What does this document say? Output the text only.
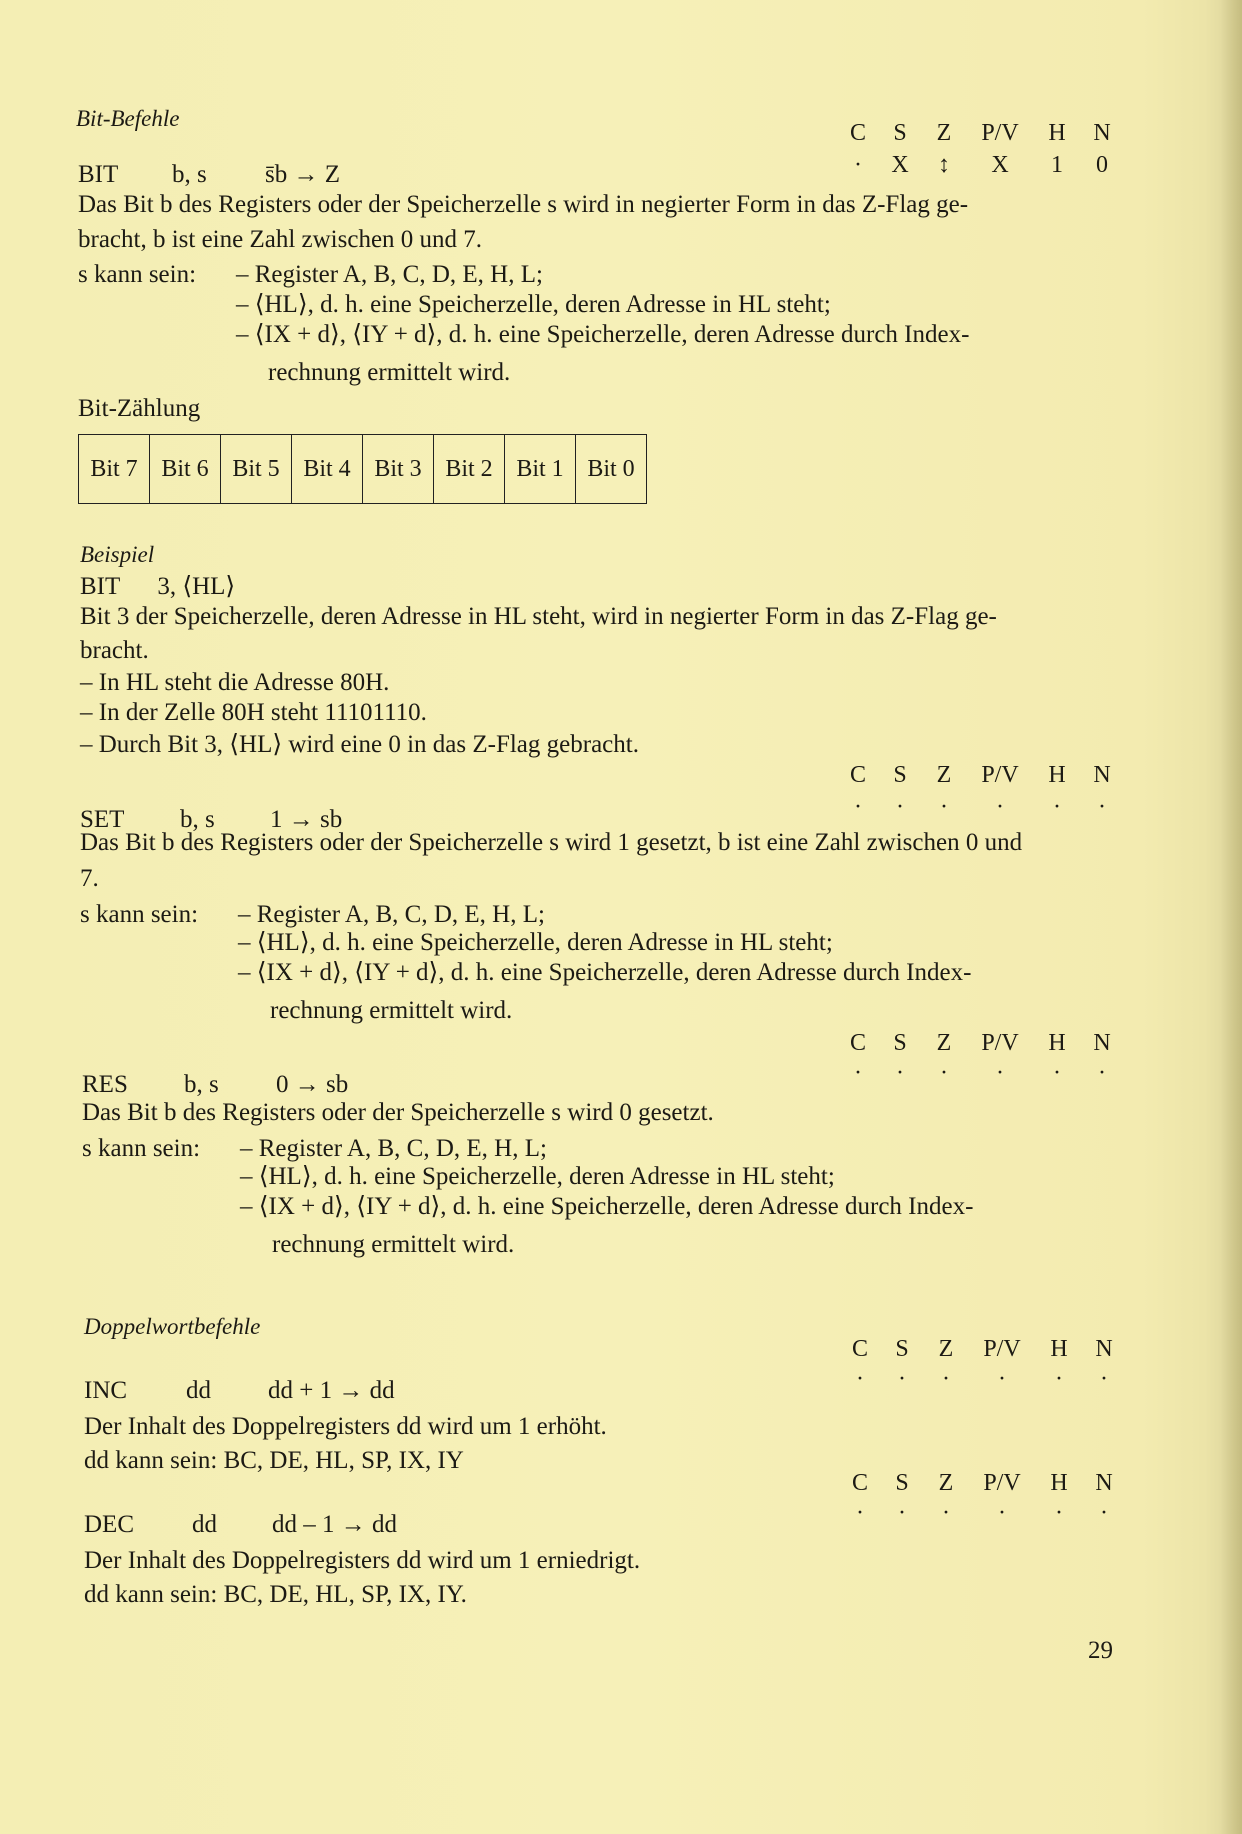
Bit-Befehle
C	S	Z	P/V	H	N
·	X	↕	X	1	0
BIT b, s s̄b → Z
Das Bit b des Registers oder der Speicherzelle s wird in negierter Form in das Z-Flag ge-
bracht, b ist eine Zahl zwischen 0 und 7.
s kann sein: – Register A, B, C, D, E, H, L;
– ⟨HL⟩, d. h. eine Speicherzelle, deren Adresse in HL steht;
– ⟨IX + d⟩, ⟨IY + d⟩, d. h. eine Speicherzelle, deren Adresse durch Index-
rechnung ermittelt wird.
Bit-Zählung
Bit 7	Bit 6	Bit 5	Bit 4	Bit 3	Bit 2	Bit 1	Bit 0
Beispiel
BIT      3, ⟨HL⟩
Bit 3 der Speicherzelle, deren Adresse in HL steht, wird in negierter Form in das Z-Flag ge-
bracht.
– In HL steht die Adresse 80H.
– In der Zelle 80H steht 11101110.
– Durch Bit 3, ⟨HL⟩ wird eine 0 in das Z-Flag gebracht.
C	S	Z	P/V	H	N
·	·	·	·	·	·
SET b, s 1 → sb
Das Bit b des Registers oder der Speicherzelle s wird 1 gesetzt, b ist eine Zahl zwischen 0 und
7.
s kann sein: – Register A, B, C, D, E, H, L;
– ⟨HL⟩, d. h. eine Speicherzelle, deren Adresse in HL steht;
– ⟨IX + d⟩, ⟨IY + d⟩, d. h. eine Speicherzelle, deren Adresse durch Index-
rechnung ermittelt wird.
C	S	Z	P/V	H	N
·	·	·	·	·	·
RES b, s 0 → sb
Das Bit b des Registers oder der Speicherzelle s wird 0 gesetzt.
s kann sein: – Register A, B, C, D, E, H, L;
– ⟨HL⟩, d. h. eine Speicherzelle, deren Adresse in HL steht;
– ⟨IX + d⟩, ⟨IY + d⟩, d. h. eine Speicherzelle, deren Adresse durch Index-
rechnung ermittelt wird.
Doppelwortbefehle
C	S	Z	P/V	H	N
·	·	·	·	·	·
INC dd dd + 1 → dd
Der Inhalt des Doppelregisters dd wird um 1 erhöht.
dd kann sein: BC, DE, HL, SP, IX, IY
C	S	Z	P/V	H	N
·	·	·	·	·	·
DEC dd dd – 1 → dd
Der Inhalt des Doppelregisters dd wird um 1 erniedrigt.
dd kann sein: BC, DE, HL, SP, IX, IY.
29
